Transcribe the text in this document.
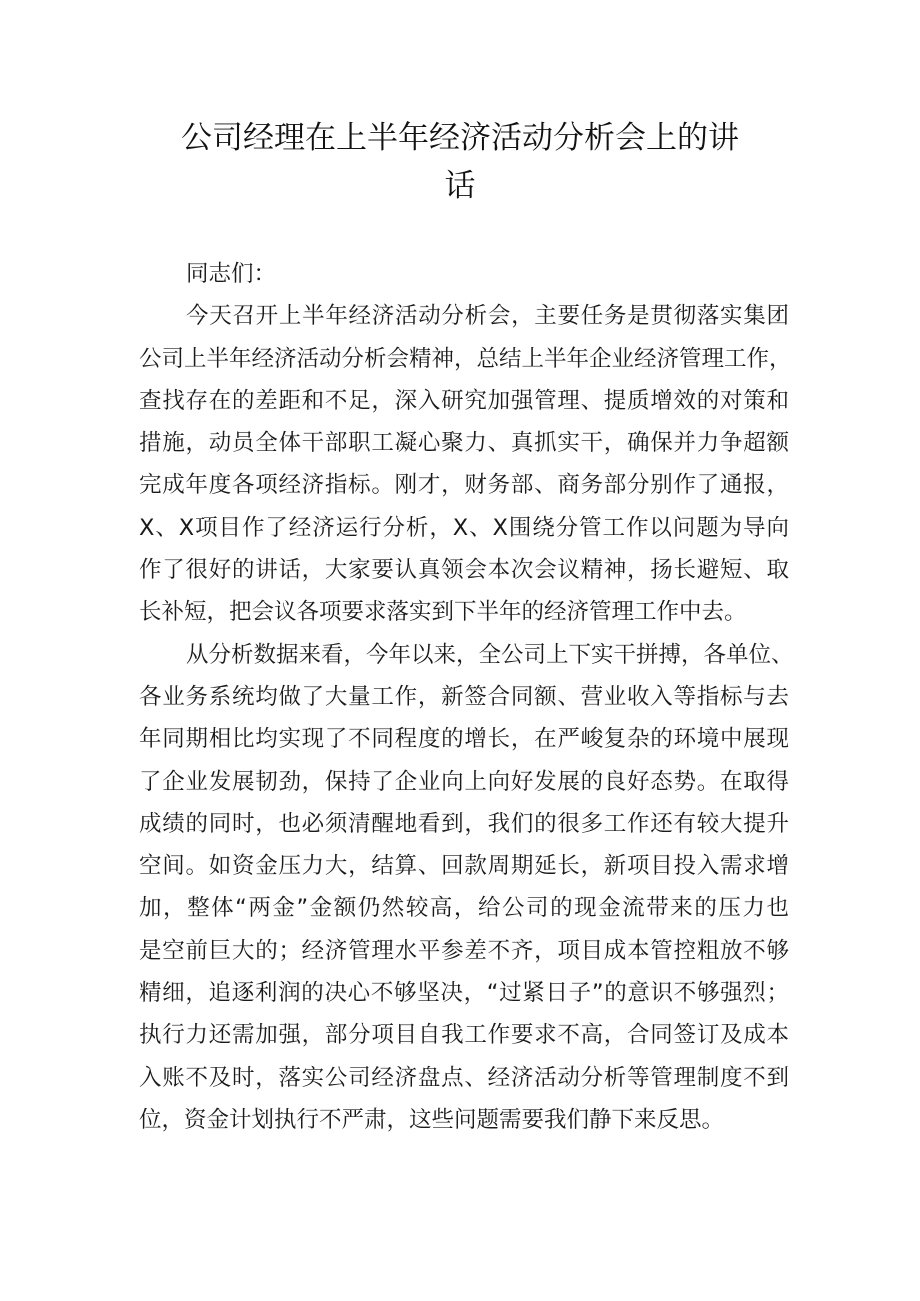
公司经理在上半年经济活动分析会上的讲
话
同志们：
今天召开上半年经济活动分析会，主要任务是贯彻落实集团
公司上半年经济活动分析会精神，总结上半年企业经济管理工作，
查找存在的差距和不足，深入研究加强管理、提质增效的对策和
措施，动员全体干部职工凝心聚力、真抓实干，确保并力争超额
完成年度各项经济指标。刚才，财务部、商务部分别作了通报，
X、X项目作了经济运行分析，X、X围绕分管工作以问题为导向
作了很好的讲话，大家要认真领会本次会议精神，扬长避短、取
长补短，把会议各项要求落实到下半年的经济管理工作中去。
从分析数据来看，今年以来，全公司上下实干拼搏，各单位、
各业务系统均做了大量工作，新签合同额、营业收入等指标与去
年同期相比均实现了不同程度的增长，在严峻复杂的环境中展现
了企业发展韧劲，保持了企业向上向好发展的良好态势。在取得
成绩的同时，也必须清醒地看到，我们的很多工作还有较大提升
空间。如资金压力大，结算、回款周期延长，新项目投入需求增
加，整体“两金”金额仍然较高，给公司的现金流带来的压力也
是空前巨大的；经济管理水平参差不齐，项目成本管控粗放不够
精细，追逐利润的决心不够坚决，“过紧日子”的意识不够强烈；
执行力还需加强，部分项目自我工作要求不高，合同签订及成本
入账不及时，落实公司经济盘点、经济活动分析等管理制度不到
位，资金计划执行不严肃，这些问题需要我们静下来反思。
